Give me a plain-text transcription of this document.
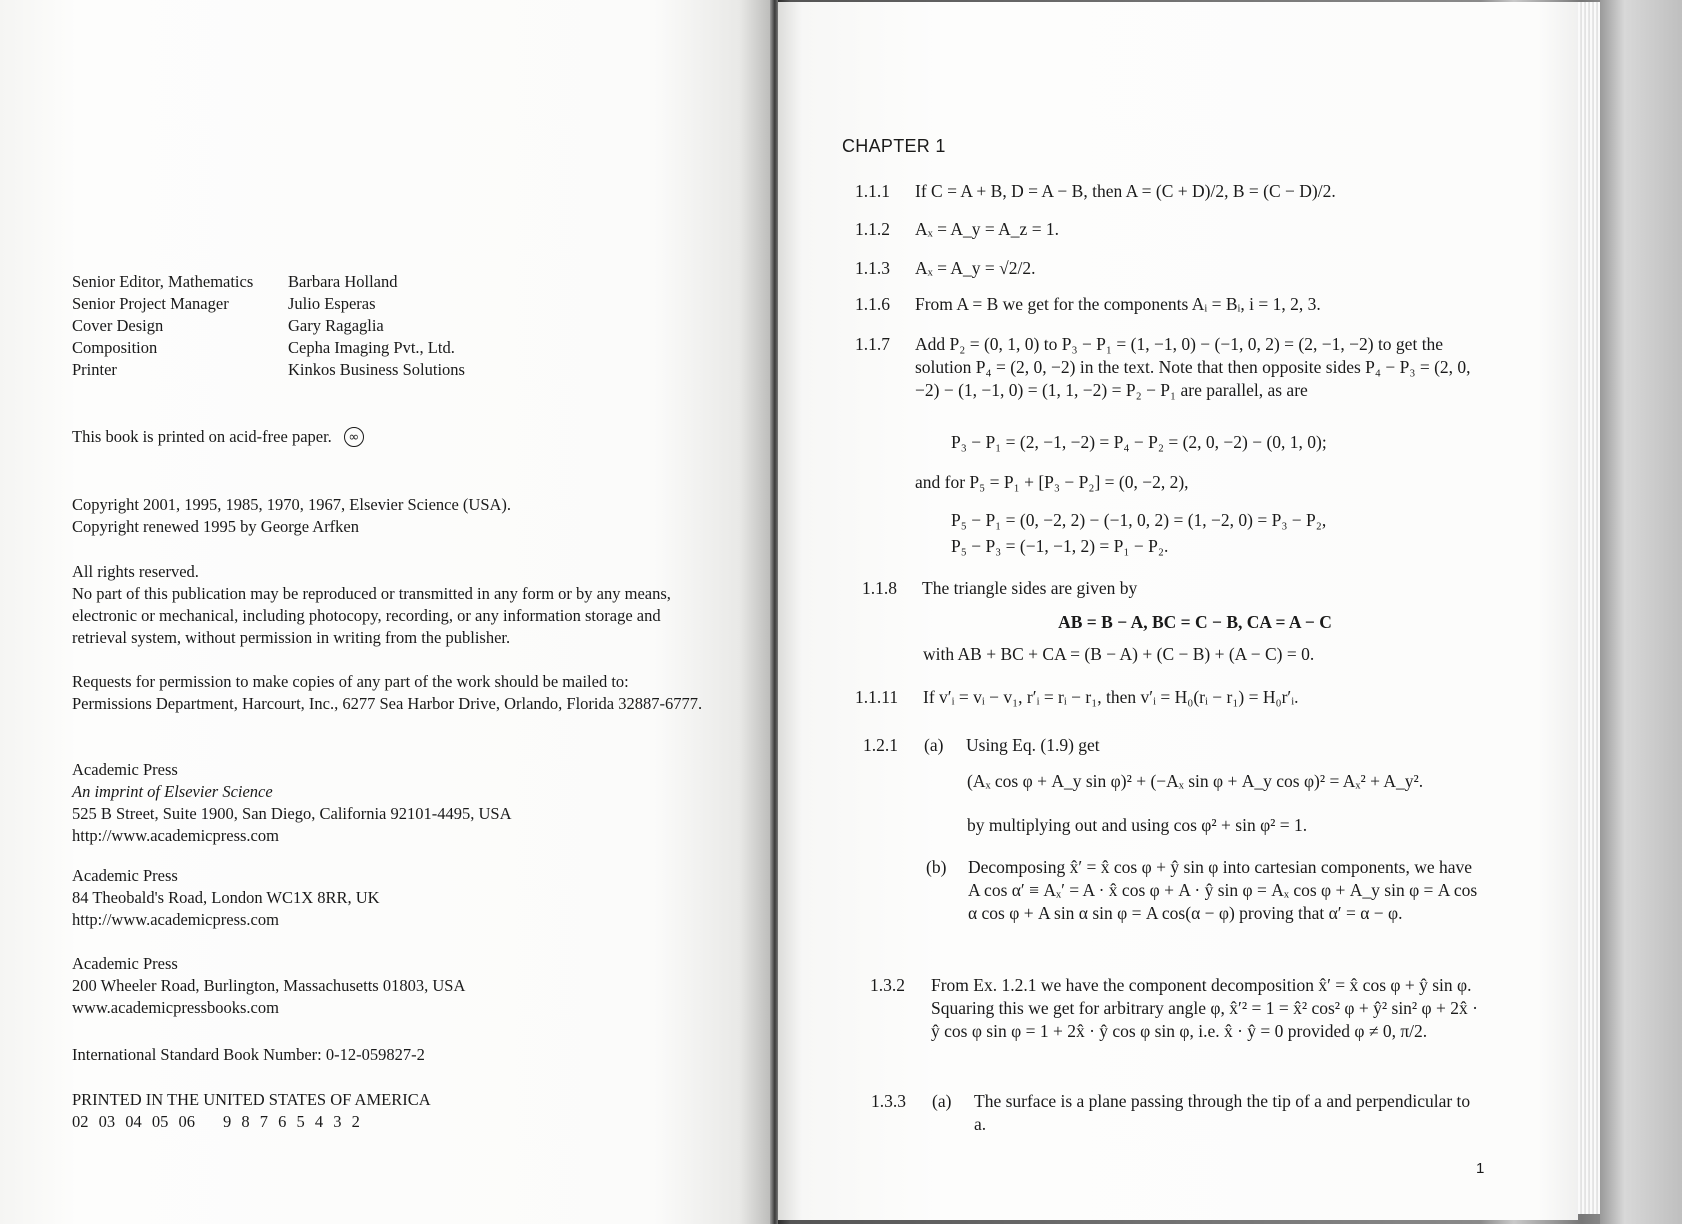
Senior Editor, Mathematics	Barbara Holland
Senior Project Manager	Julio Esperas
Cover Design	Gary Ragaglia
Composition	Cepha Imaging Pvt., Ltd.
Printer	Kinkos Business Solutions
This book is printed on acid-free paper.	∞
Copyright 2001, 1995, 1985, 1970, 1967, Elsevier Science (USA).
Copyright renewed 1995 by George Arfken
All rights reserved.

No part of this publication may be reproduced or transmitted in any form or by any means, electronic or mechanical, including photocopy, recording, or any information storage and retrieval system, without permission in writing from the publisher.

Requests for permission to make copies of any part of the work should be mailed to: Permissions Department, Harcourt, Inc., 6277 Sea Harbor Drive, Orlando, Florida 32887-6777.

Academic Press
An imprint of Elsevier Science
525 B Street, Suite 1900, San Diego, California 92101-4495, USA
http://www.academicpress.com
Academic Press
84 Theobald's Road, London WC1X 8RR, UK
http://www.academicpress.com
Academic Press
200 Wheeler Road, Burlington, Massachusetts 01803, USA
www.academicpressbooks.com
International Standard Book Number: 0-12-059827-2
PRINTED IN THE UNITED STATES OF AMERICA
02 03 04 05 06 9 8 7 6 5 4 3 2
CHAPTER 1
1.1.1	If C = A + B, D = A − B, then A = (C + D)/2, B = (C − D)/2.
1.1.2	Aₓ = A_y = A_z = 1.
1.1.3	Aₓ = A_y = √2/2.
1.1.6	From A = B we get for the components Aᵢ = Bᵢ, i = 1, 2, 3.
1.1.7	Add P₂ = (0, 1, 0) to P₃ − P₁ = (1, −1, 0) − (−1, 0, 2) = (2, −1, −2) to get the solution P₄ = (2, 0, −2) in the text. Note that then opposite sides P₄ − P₃ = (2, 0, −2) − (1, −1, 0) = (1, 1, −2) = P₂ − P₁ are parallel, as are
P₃ − P₁ = (2, −1, −2) = P₄ − P₂ = (2, 0, −2) − (0, 1, 0);
and for P₅ = P₁ + [P₃ − P₂] = (0, −2, 2),
P₅ − P₁ = (0, −2, 2) − (−1, 0, 2) = (1, −2, 0) = P₃ − P₂,
P₅ − P₃ = (−1, −1, 2) = P₁ − P₂.
1.1.8	The triangle sides are given by
AB = B − A, BC = C − B, CA = A − C
with AB + BC + CA = (B − A) + (C − B) + (A − C) = 0.
1.1.11	If v′ᵢ = vᵢ − v₁, r′ᵢ = rᵢ − r₁, then v′ᵢ = H₀(rᵢ − r₁) = H₀r′ᵢ.
1.2.1	(a)	Using Eq. (1.9) get
(Aₓ cos φ + A_y sin φ)² + (−Aₓ sin φ + A_y cos φ)² = Aₓ² + A_y².
by multiplying out and using cos φ² + sin φ² = 1.
(b)	Decomposing x̂′ = x̂ cos φ + ŷ sin φ into cartesian components, we have A cos α′ ≡ Aₓ′ = A · x̂ cos φ + A · ŷ sin φ = Aₓ cos φ + A_y sin φ = A cos α cos φ + A sin α sin φ = A cos(α − φ) proving that α′ = α − φ.
1.3.2	From Ex. 1.2.1 we have the component decomposition x̂′ = x̂ cos φ + ŷ sin φ. Squaring this we get for arbitrary angle φ, x̂′² = 1 = x̂² cos² φ + ŷ² sin² φ + 2x̂ · ŷ cos φ sin φ = 1 + 2x̂ · ŷ cos φ sin φ, i.e. x̂ · ŷ = 0 provided φ ≠ 0, π/2.
1.3.3	(a)	The surface is a plane passing through the tip of a and perpendicular to a.
1
